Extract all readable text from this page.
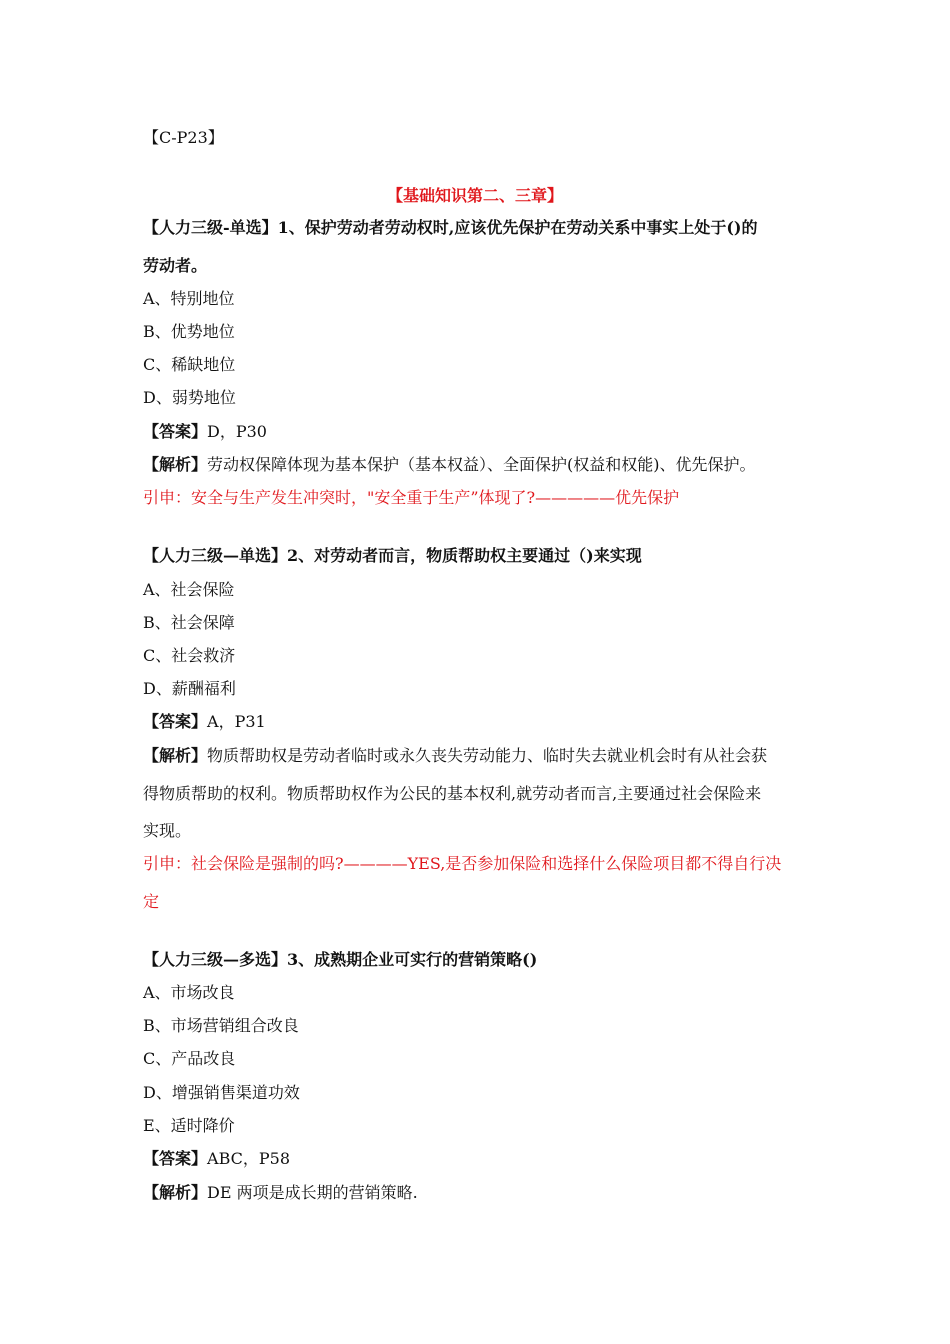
【C-P23】
【基础知识第二、三章】
【人力三级-单选】1、保护劳动者劳动权时,应该优先保护在劳动关系中事实上处于()的
劳动者。
A、特别地位
B、优势地位
C、稀缺地位
D、弱势地位
【答案】D，P30
【解析】劳动权保障体现为基本保护（基本权益）、全面保护(权益和权能)、优先保护。
引申：安全与生产发生冲突时，"安全重于生产”体现了?—————优先保护
【人力三级—单选】2、对劳动者而言，物质帮助权主要通过（)来实现
A、社会保险
B、社会保障
C、社会救济
D、薪酬福利
【答案】A，P31
【解析】物质帮助权是劳动者临时或永久丧失劳动能力、临时失去就业机会时有从社会获
得物质帮助的权利。物质帮助权作为公民的基本权利,就劳动者而言,主要通过社会保险来
实现。
引申：社会保险是强制的吗?————YES,是否参加保险和选择什么保险项目都不得自行决
定
【人力三级—多选】3、成熟期企业可实行的营销策略()
A、市场改良
B、市场营销组合改良
C、产品改良
D、增强销售渠道功效
E、适时降价
【答案】ABC，P58
【解析】DE 两项是成长期的营销策略.
